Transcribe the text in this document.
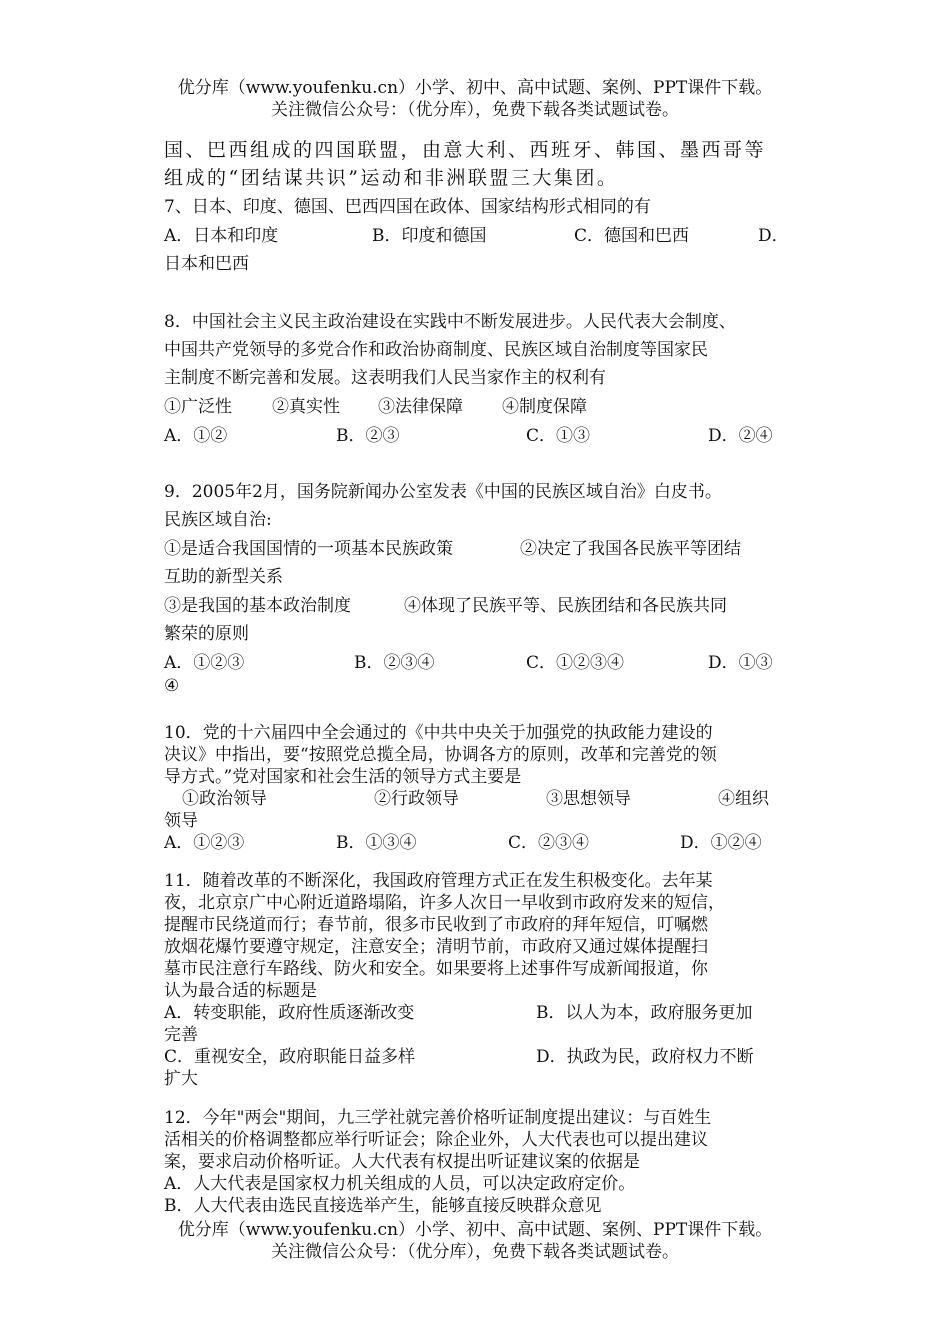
优分库（www.youfenku.cn）小学、初中、高中试题、案例、PPT课件下载。
关注微信公众号：（优分库），免费下载各类试题试卷。
国、巴西组成的四国联盟，由意大利、西班牙、韩国、墨西哥等
组成的“团结谋共识”运动和非洲联盟三大集团。
7、日本、印度、德国、巴西四国在政体、国家结构形式相同的有
A．日本和印度	B．印度和德国	C．德国和巴西	D．
日本和巴西
8．中国社会主义民主政治建设在实践中不断发展进步。人民代表大会制度、
中国共产党领导的多党合作和政治协商制度、民族区域自治制度等国家民
主制度不断完善和发展。这表明我们人民当家作主的权利有
①广泛性 ②真实性 ③法律保障 ④制度保障
A．①②	B．②③	C．①③	D．②④
9．2005年2月，国务院新闻办公室发表《中国的民族区域自治》白皮书。
民族区域自治:
①是适合我国国情的一项基本民族政策	②决定了我国各民族平等团结
互助的新型关系
③是我国的基本政治制度	④体现了民族平等、民族团结和各民族共同
繁荣的原则
A．①②③	B．②③④	C．①②③④	D．①③
④
10．党的十六届四中全会通过的《中共中央关于加强党的执政能力建设的
决议》中指出，要“按照党总揽全局，协调各方的原则，改革和完善党的领
导方式。”党对国家和社会生活的领导方式主要是
①政治领导	②行政领导	③思想领导	④组织
领导
A．①②③	B．①③④	C．②③④	D．①②④
11．随着改革的不断深化，我国政府管理方式正在发生积极变化。去年某
夜，北京京广中心附近道路塌陷，许多人次日一早收到市政府发来的短信，
提醒市民绕道而行；春节前，很多市民收到了市政府的拜年短信，叮嘱燃
放烟花爆竹要遵守规定，注意安全；清明节前，市政府又通过媒体提醒扫
墓市民注意行车路线、防火和安全。如果要将上述事件写成新闻报道，你
认为最合适的标题是
A．转变职能，政府性质逐渐改变	B．以人为本，政府服务更加
完善
C．重视安全，政府职能日益多样	D．执政为民，政府权力不断
扩大
12．今年"两会"期间，九三学社就完善价格听证制度提出建议：与百姓生
活相关的价格调整都应举行听证会；除企业外，人大代表也可以提出建议
案，要求启动价格听证。人大代表有权提出听证建议案的依据是
A．人大代表是国家权力机关组成的人员，可以决定政府定价。
B．人大代表由选民直接选举产生，能够直接反映群众意见
优分库（www.youfenku.cn）小学、初中、高中试题、案例、PPT课件下载。
关注微信公众号：（优分库），免费下载各类试题试卷。
